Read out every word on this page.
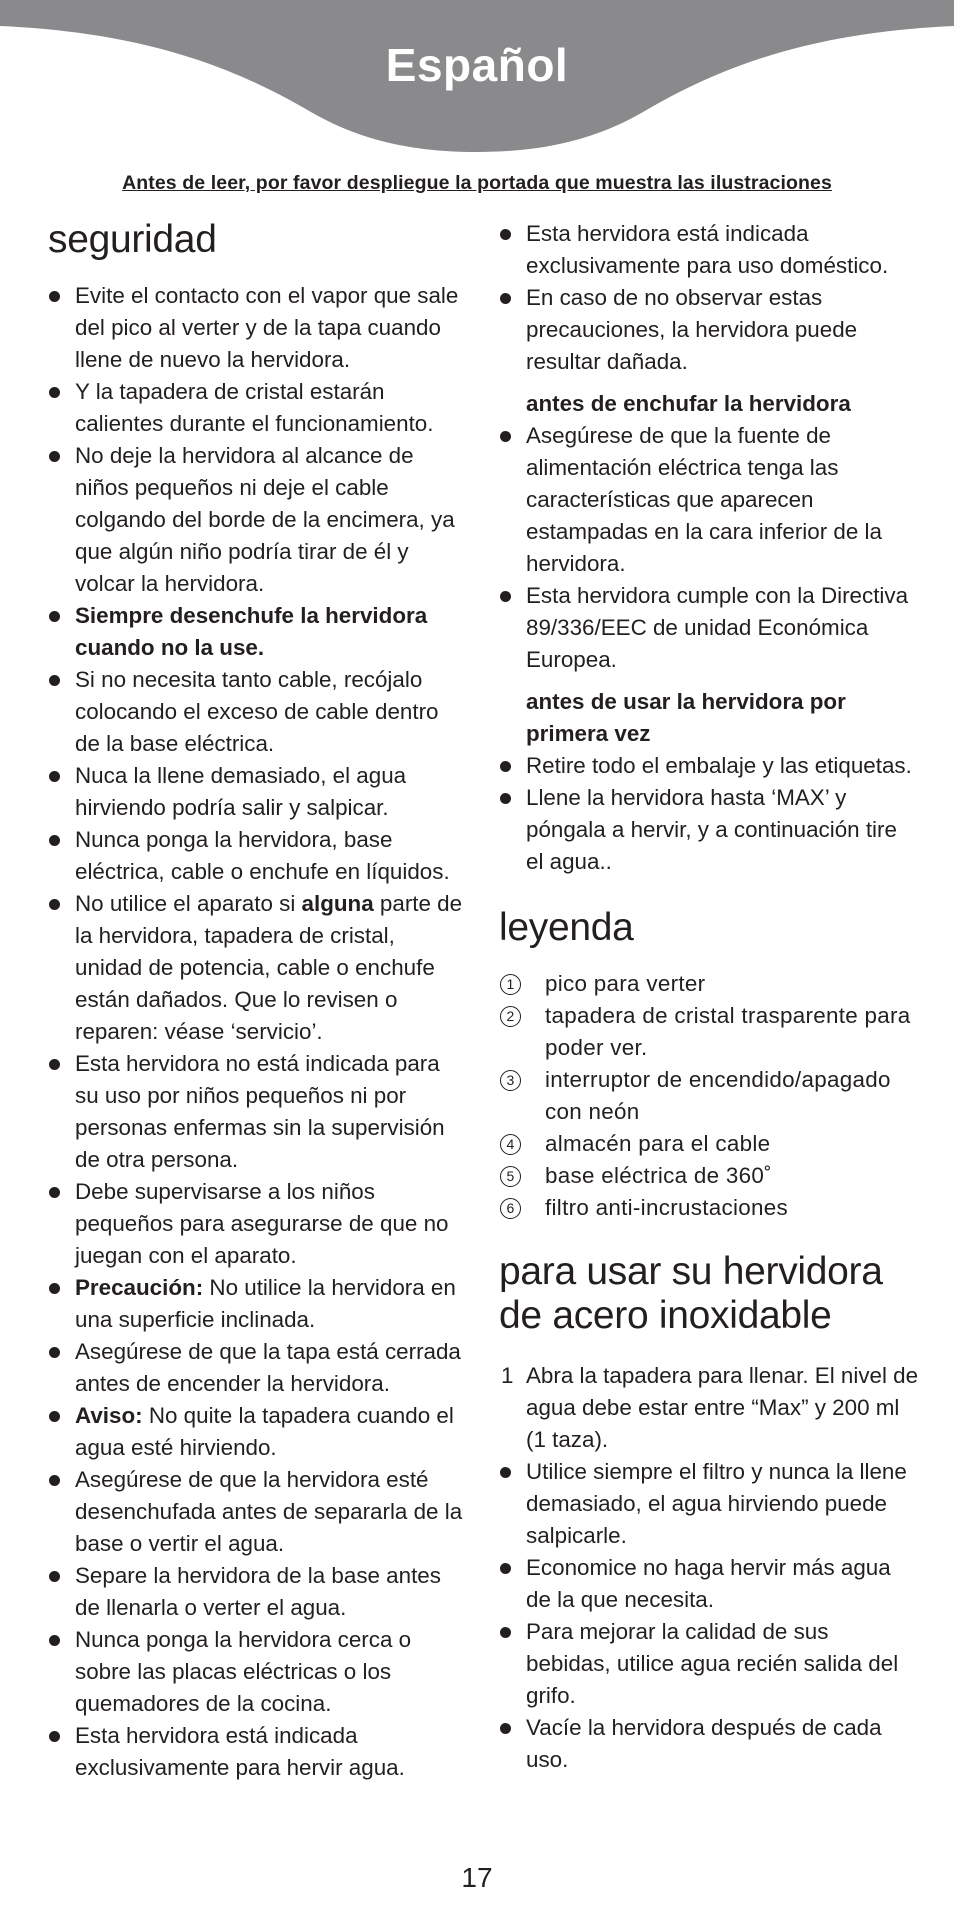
Español
Antes de leer, por favor despliegue la portada que muestra las ilustraciones
seguridad
Evite el contacto con el vapor que sale del pico al verter y de la tapa cuando llene de nuevo la hervidora.
Y la tapadera de cristal estarán calientes durante el funcionamiento.
No deje la hervidora al alcance de niños pequeños ni deje el cable colgando del borde de la encimera, ya que algún niño podría tirar de él y volcar la hervidora.
Siempre desenchufe la hervidora cuando no la use.
Si no necesita tanto cable, recójalo colocando el exceso de cable dentro de la base eléctrica.
Nuca la llene demasiado, el agua hirviendo podría salir y salpicar.
Nunca ponga la hervidora, base eléctrica, cable o enchufe en líquidos.
No utilice el aparato si alguna parte de la hervidora, tapadera de cristal, unidad de potencia, cable o enchufe están dañados. Que lo revisen o reparen: véase ‘servicio’.
Esta hervidora no está indicada para su uso por niños pequeños ni por personas enfermas sin la supervisión de otra persona.
Debe supervisarse a los niños pequeños para asegurarse de que no juegan con el aparato.
Precaución: No utilice la hervidora en una superficie inclinada.
Asegúrese de que la tapa está cerrada antes de encender la hervidora.
Aviso: No quite la tapadera cuando el agua esté hirviendo.
Asegúrese de que la hervidora esté desenchufada antes de separarla de la base o vertir el agua.
Separe la hervidora de la base antes de llenarla o verter el agua.
Nunca ponga la hervidora cerca o sobre las placas eléctricas o los quemadores de la cocina.
Esta hervidora está indicada exclusivamente para hervir agua.
Esta hervidora está indicada exclusivamente para uso doméstico.
En caso de no observar estas precauciones, la hervidora puede resultar dañada.
antes de enchufar la hervidora
Asegúrese de que la fuente de alimentación eléctrica tenga las características que aparecen estampadas en la cara inferior de la hervidora.
Esta hervidora cumple con la Directiva 89/336/EEC de unidad Económica Europea.
antes de usar la hervidora por primera vez
Retire todo el embalaje y las etiquetas.
Llene la hervidora hasta ‘MAX’ y póngala a hervir, y a continuación tire el agua..
leyenda
1 pico para verter
2 tapadera de cristal trasparente para poder ver.
3 interruptor de encendido/apagado con neón
4 almacén para el cable
5 base eléctrica de 360˚
6 filtro anti-incrustaciones
para usar su hervidora de acero inoxidable
1 Abra la tapadera para llenar. El nivel de agua debe estar entre “Max” y 200 ml (1 taza).
Utilice siempre el filtro y nunca la llene demasiado, el agua hirviendo puede salpicarle.
Economice no haga hervir más agua de la que necesita.
Para mejorar la calidad de sus bebidas, utilice agua recién salida del grifo.
Vacíe la hervidora después de cada uso.
17
